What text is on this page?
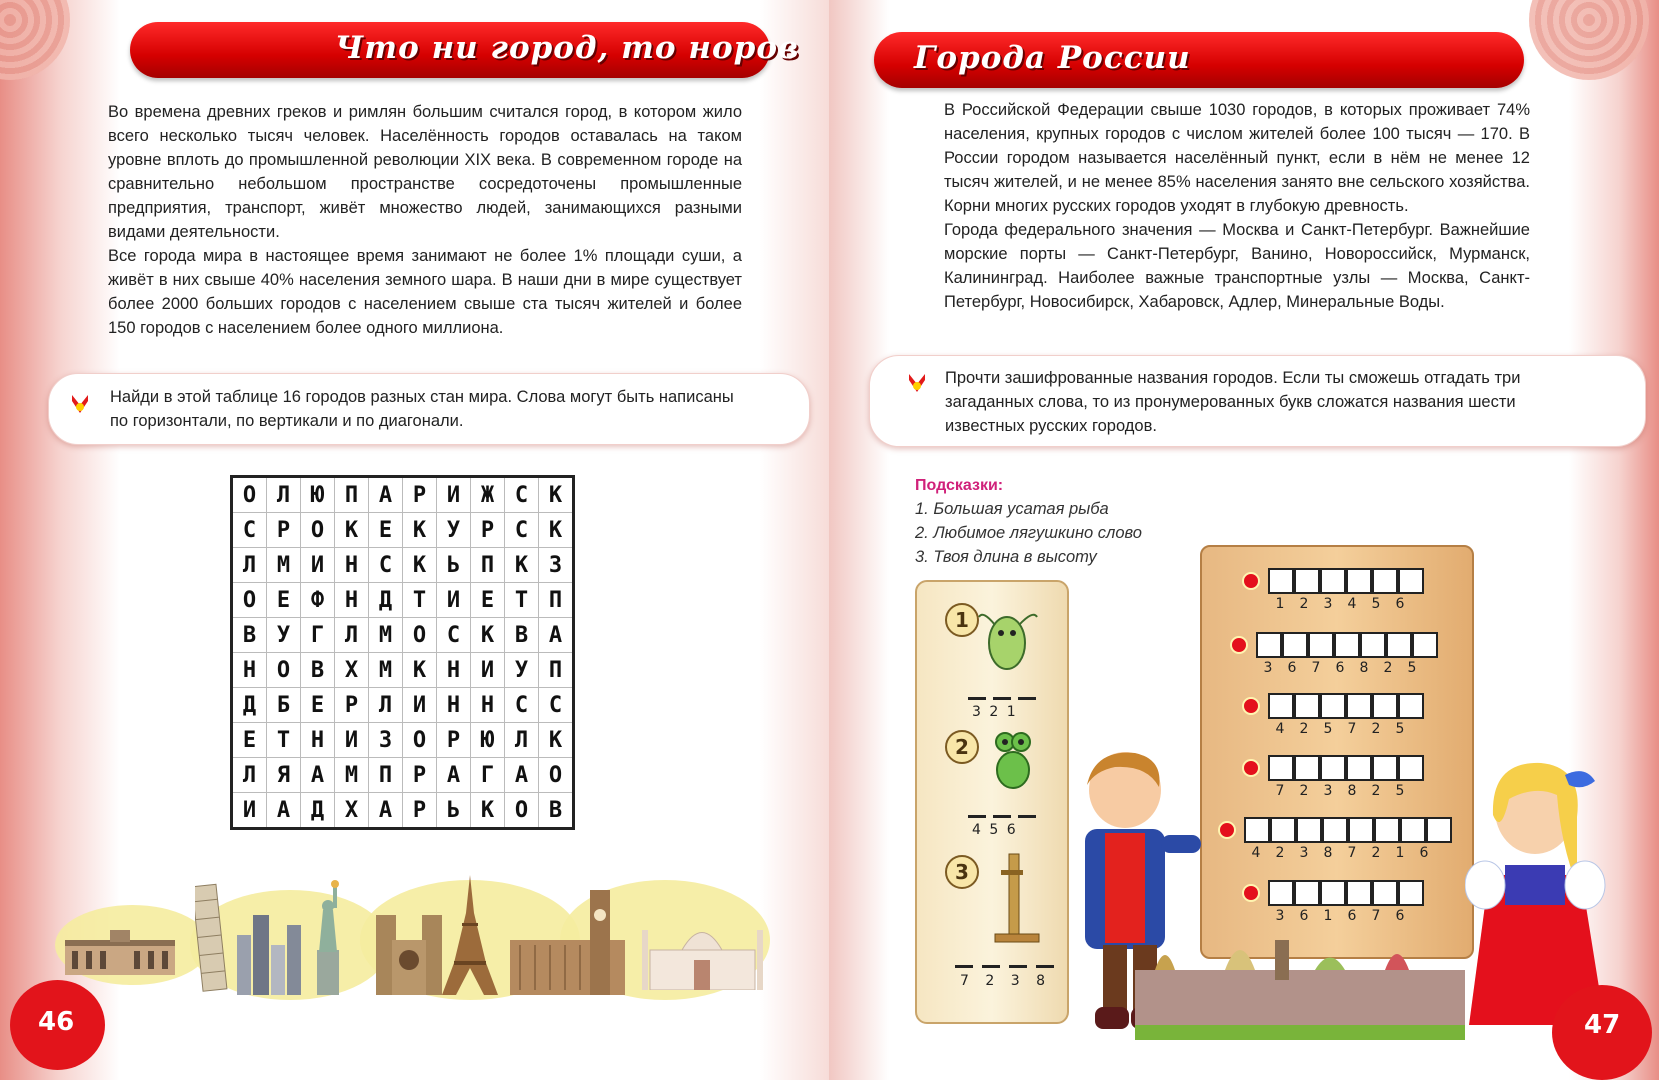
Что ни город, то норов

Во времена древних греков и римлян большим считался город, в котором жило всего несколько тысяч человек. Населённость городов оставалась на таком уровне вплоть до промышленной революции XIX века. В современном городе на сравнительно небольшом пространстве сосредоточены промышленные предприятия, транспорт, живёт множество людей, занимающихся разными видами деятельности.

Все города мира в настоящее время занимают не более 1% площади суши, а живёт в них свыше 40% населения земного шара. В наши дни в мире существует более 2000 больших городов с населением свыше ста тысяч жителей и более 150 городов с населением более одного миллиона.

Найди в этой таблице 16 городов разных стан мира. Слова могут быть написаны по горизонтали, по вертикали и по диагонали.
О	Л	Ю	П	А	Р	И	Ж	С	К
С	Р	О	К	Е	К	У	Р	С	К
Л	М	И	Н	С	К	Ь	П	К	З
О	Е	Ф	Н	Д	Т	И	Е	Т	П
В	У	Г	Л	М	О	С	К	В	А
Н	О	В	Х	М	К	Н	И	У	П
Д	Б	Е	Р	Л	И	Н	Н	С	С
Е	Т	Н	И	З	О	Р	Ю	Л	К
Л	Я	А	М	П	Р	А	Г	А	О
И	А	Д	Х	А	Р	Ь	К	О	В
46
Города России

В Российской Федерации свыше 1030 городов, в которых проживает 74% населения, крупных городов с числом жителей более 100 тысяч — 170. В России городом называется населённый пункт, если в нём не менее 12 тысяч жителей, и не менее 85% населения занято вне сельского хозяйства. Корни многих русских городов уходят в глубокую древность.

Города федерального значения — Москва и Санкт-Петербург. Важнейшие морские порты — Санкт-Петербург, Ванино, Новороссийск, Мурманск, Калининград. Наиболее важные транспортные узлы — Москва, Санкт-Петербург, Новосибирск, Хабаровск, Адлер, Минеральные Воды.

Прочти зашифрованные названия городов. Если ты сможешь отгадать три загаданных слова, то из пронумерованных букв сложатся названия шести известных русских городов.
Подсказки:
1. Большая усатая рыба
2. Любимое лягушкино слово
3. Твоя длина в высоту
1
3 2 1
2
4 5 6
3
7 2 3 8
1 2 3 4 5 6
3 6 7 6 8 2 5
4 2 5 7 2 5
7 2 3 8 2 5
4 2 3 8 7 2 1 6
3 6 1 6 7 6
47
